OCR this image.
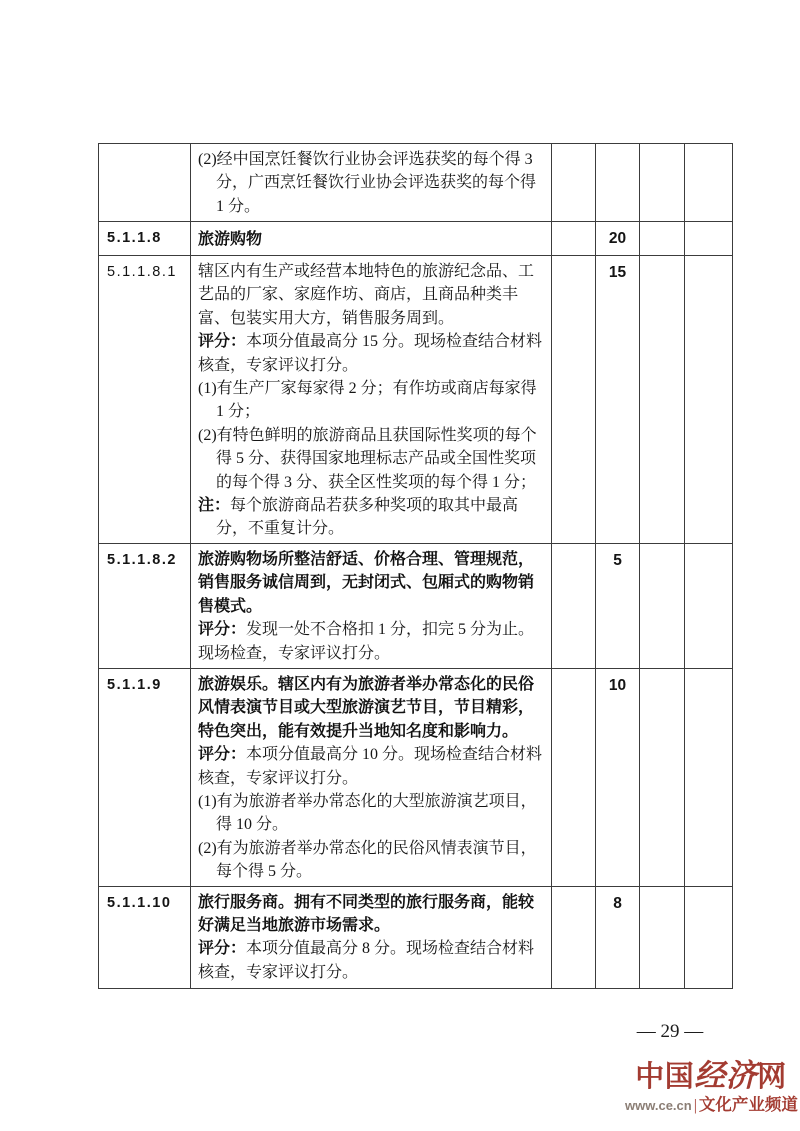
	(2)经中国烹饪餐饮行业协会评选获奖的每个得 3 分，广西烹饪餐饮行业协会评选获奖的每个得 1 分。				

5.1.1.8	旅游购物		20		
5.1.1.8.1	辖区内有生产或经营本地特色的旅游纪念品、工艺品的厂家、家庭作坊、商店，且商品种类丰富、包装实用大方，销售服务周到。
评分：本项分值最高分 15 分。现场检查结合材料核查，专家评议打分。
(1)有生产厂家每家得 2 分；有作坊或商店每家得 1 分；
(2)有特色鲜明的旅游商品且获国际性奖项的每个得 5 分、获得国家地理标志产品或全国性奖项的每个得 3 分、获全区性奖项的每个得 1 分；
注：每个旅游商品若获多种奖项的取其中最高分，不重复计分。		15		
5.1.1.8.2	旅游购物场所整洁舒适、价格合理、管理规范，销售服务诚信周到，无封闭式、包厢式的购物销售模式。
评分：发现一处不合格扣 1 分，扣完 5 分为止。现场检查，专家评议打分。		5		
5.1.1.9	旅游娱乐。辖区内有为旅游者举办常态化的民俗风情表演节目或大型旅游演艺节目，节目精彩，特色突出，能有效提升当地知名度和影响力。
评分：本项分值最高分 10 分。现场检查结合材料核查，专家评议打分。
(1)有为旅游者举办常态化的大型旅游演艺项目，得 10 分。
(2)有为旅游者举办常态化的民俗风情表演节目，每个得 5 分。		10		
5.1.1.10	旅行服务商。拥有不同类型的旅行服务商，能较好满足当地旅游市场需求。
评分：本项分值最高分 8 分。现场检查结合材料核查，专家评议打分。		8		
— 29 —
中国经济网
www.ce.cn | 文化产业频道
